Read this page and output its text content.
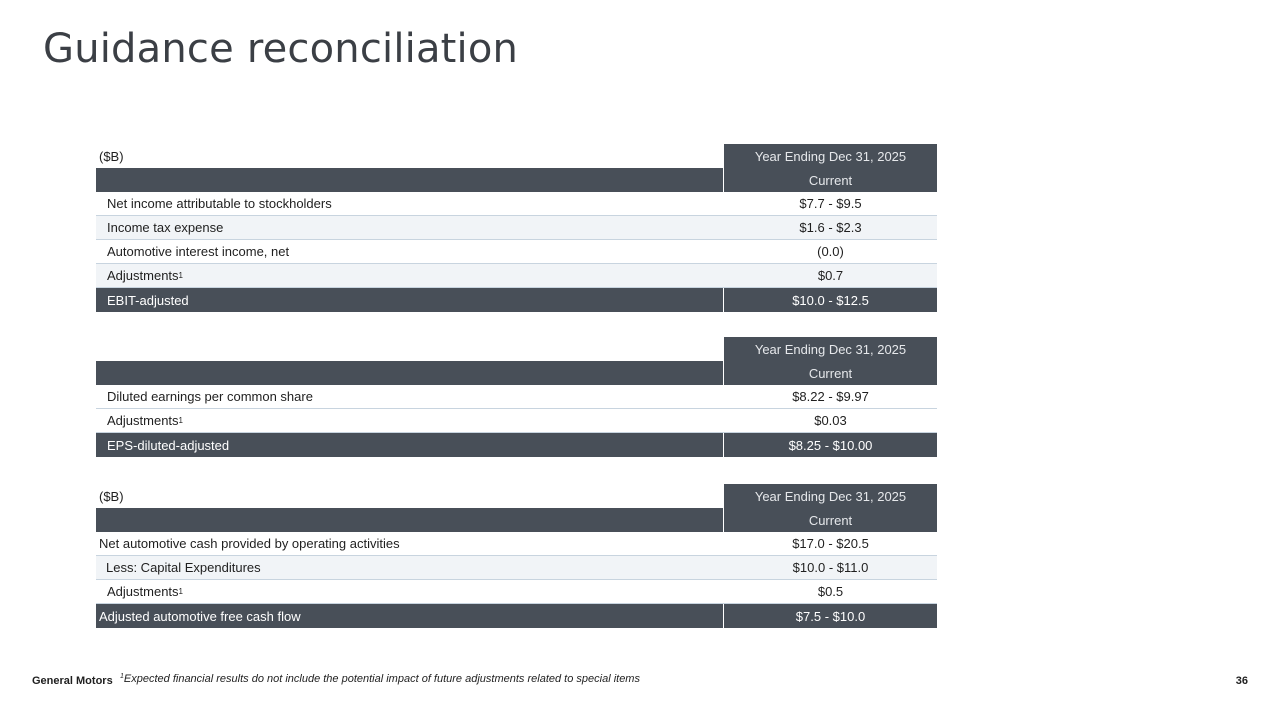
Guidance reconciliation
($B)	Year Ending Dec 31, 2025
Current
Net income attributable to stockholders	$7.7 - $9.5
Income tax expense	$1.6 - $2.3
Automotive interest income, net	(0.0)
Adjustments 1	$0.7
EBIT-adjusted	$10.0 - $12.5
Year Ending Dec 31, 2025
Current
Diluted earnings per common share	$8.22 - $9.97
Adjustments 1	$0.03
EPS-diluted-adjusted	$8.25 - $10.00
($B)	Year Ending Dec 31, 2025
Current
Net automotive cash provided by operating activities	$17.0 - $20.5
Less: Capital Expenditures	$10.0 - $11.0
Adjustments 1	$0.5
Adjusted automotive free cash flow	$7.5 - $10.0
General Motors $^1$Expected financial results do not include the potential impact of future adjustments related to special items	36
